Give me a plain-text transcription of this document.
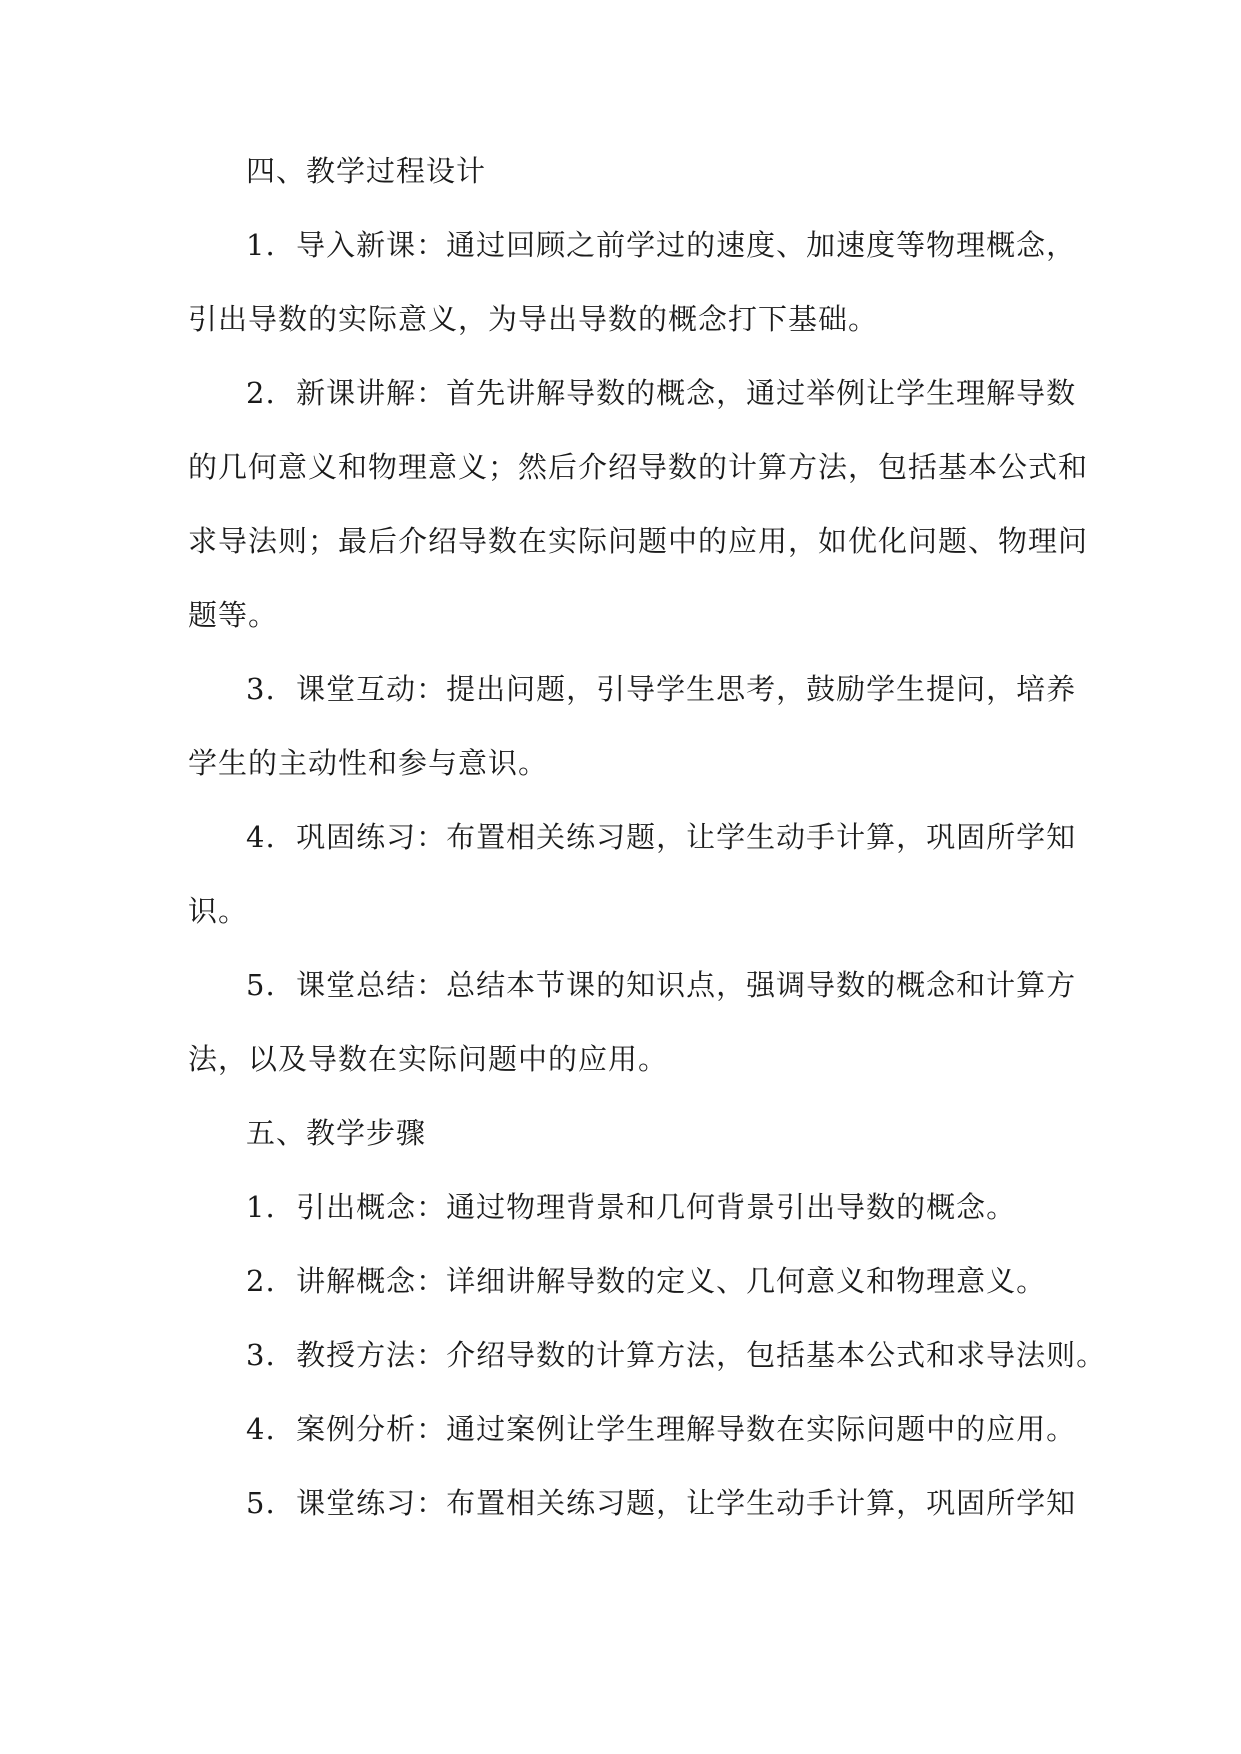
四、教学过程设计
1. 导入新课：通过回顾之前学过的速度、加速度等物理概念，
引出导数的实际意义，为导出导数的概念打下基础。
2. 新课讲解：首先讲解导数的概念，通过举例让学生理解导数
的几何意义和物理意义；然后介绍导数的计算方法，包括基本公式和
求导法则；最后介绍导数在实际问题中的应用，如优化问题、物理问
题等。
3. 课堂互动：提出问题，引导学生思考，鼓励学生提问，培养
学生的主动性和参与意识。
4. 巩固练习：布置相关练习题，让学生动手计算，巩固所学知
识。
5. 课堂总结：总结本节课的知识点，强调导数的概念和计算方
法，以及导数在实际问题中的应用。
五、教学步骤
1. 引出概念：通过物理背景和几何背景引出导数的概念。
2. 讲解概念：详细讲解导数的定义、几何意义和物理意义。
3. 教授方法：介绍导数的计算方法，包括基本公式和求导法则。
4. 案例分析：通过案例让学生理解导数在实际问题中的应用。
5. 课堂练习：布置相关练习题，让学生动手计算，巩固所学知
